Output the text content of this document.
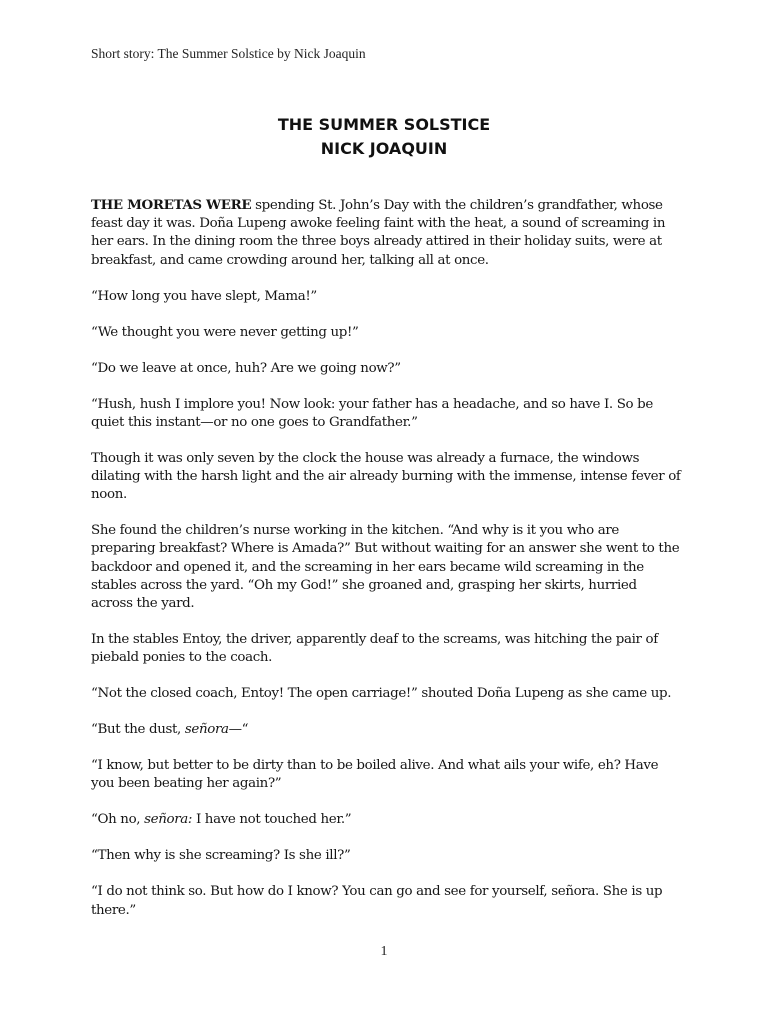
Short story: The Summer Solstice by Nick Joaquin
THE SUMMER SOLSTICE
NICK JOAQUIN

THE MORETAS WERE spending St. John’s Day with the children’s grandfather, whose feast day it was. Doña Lupeng awoke feeling faint with the heat, a sound of screaming in her ears. In the dining room the three boys already attired in their holiday suits, were at breakfast, and came crowding around her, talking all at once.

“How long you have slept, Mama!”

“We thought you were never getting up!”

“Do we leave at once, huh? Are we going now?”

“Hush, hush I implore you! Now look: your father has a headache, and so have I. So be quiet this instant—or no one goes to Grandfather.”

Though it was only seven by the clock the house was already a furnace, the windows dilating with the harsh light and the air already burning with the immense, intense fever of noon.

She found the children’s nurse working in the kitchen. “And why is it you who are preparing breakfast? Where is Amada?” But without waiting for an answer she went to the backdoor and opened it, and the screaming in her ears became wild screaming in the stables across the yard. “Oh my God!” she groaned and, grasping her skirts, hurried across the yard.

In the stables Entoy, the driver, apparently deaf to the screams, was hitching the pair of piebald ponies to the coach.

“Not the closed coach, Entoy! The open carriage!” shouted Doña Lupeng as she came up.

“But the dust, señora—“

“I know, but better to be dirty than to be boiled alive. And what ails your wife, eh? Have you been beating her again?”

“Oh no, señora: I have not touched her.”

“Then why is she screaming? Is she ill?”

“I do not think so. But how do I know? You can go and see for yourself, señora. She is up there.”

1
